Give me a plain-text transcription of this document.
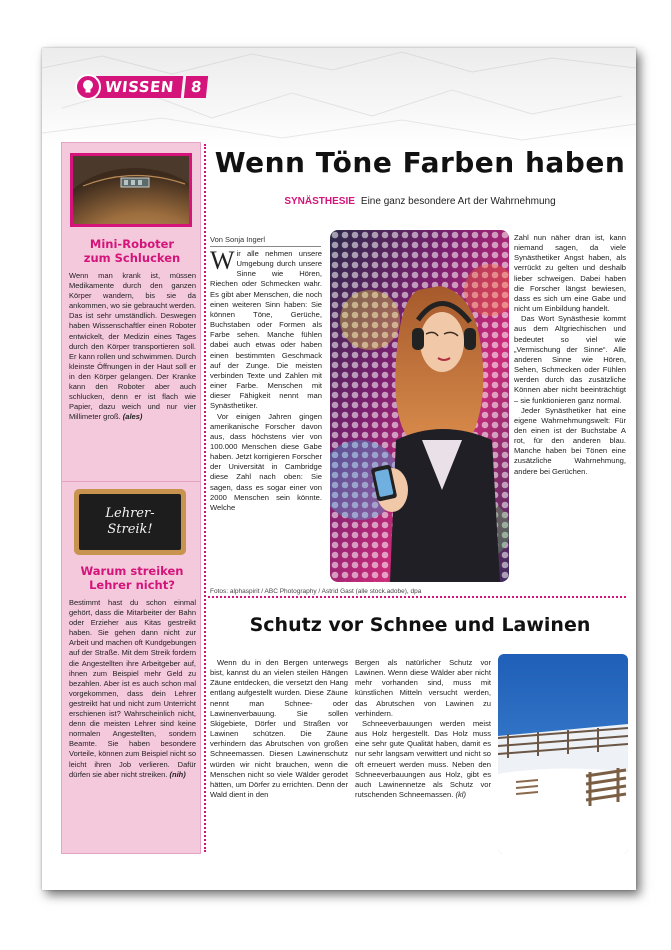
WISSEN	8
Mini-Roboter
zum Schlucken
Wenn man krank ist, müssen Medikamente durch den ganzen Körper wandern, bis sie da ankommen, wo sie gebraucht werden. Das ist sehr umständlich. Deswegen haben Wissenschaftler einen Roboter entwickelt, der Medizin eines Tages durch den Körper transportieren soll. Er kann rollen und schwimmen. Durch kleinste Öffnungen in der Haut soll er in den Körper gelangen. Der Kranke kann den Roboter aber auch schlucken, denn er ist flach wie Papier, dazu weich und nur vier Millimeter groß. (ales)
Lehrer-
Streik!
Warum streiken
Lehrer nicht?
Bestimmt hast du schon einmal gehört, dass die Mitarbeiter der Bahn oder Erzieher aus Kitas gestreikt haben. Sie gehen dann nicht zur Arbeit und machen oft Kundgebungen auf der Straße. Mit dem Streik fordern die Angestellten ihre Arbeitgeber auf, ihnen zum Beispiel mehr Geld zu bezahlen. Aber ist es auch schon mal vorgekommen, dass dein Lehrer gestreikt hat und nicht zum Unterricht erschienen ist? Wahrscheinlich nicht, denn die meisten Lehrer sind keine normalen Angestellten, sondern Beamte. Sie haben besondere Vorteile, können zum Beispiel nicht so leicht ihren Job verlieren. Dafür dürfen sie aber nicht streiken. (nih)
Wenn Töne Farben haben
SYNÄSTHESIE Eine ganz besondere Art der Wahrnehmung
Von Sonja Ingerl

Wir alle nehmen unsere Umgebung durch unsere Sinne wie Hören, Riechen oder Schmecken wahr. Es gibt aber Menschen, die noch einen weiteren Sinn haben: Sie können Töne, Gerüche, Buchstaben oder Formen als Farbe sehen. Manche fühlen dabei auch etwas oder haben einen bestimmten Geschmack auf der Zunge. Die meisten verbinden Texte und Zahlen mit einer Farbe. Menschen mit dieser Fähigkeit nennt man Synästhetiker.

Vor einigen Jahren gingen amerikanische Forscher davon aus, dass höchstens vier von 100.000 Menschen diese Gabe haben. Jetzt korrigieren Forscher der Universität in Cambridge diese Zahl nach oben: Sie sagen, dass es sogar einer von 2000 Menschen sein könnte. Welche

Zahl nun näher dran ist, kann niemand sagen, da viele Synästhetiker Angst haben, als verrückt zu gelten und deshalb lieber schweigen. Dabei haben die Forscher längst bewiesen, dass es sich um eine Gabe und nicht um Einbildung handelt.

Das Wort Synästhesie kommt aus dem Altgriechischen und bedeutet so viel wie „Vermischung der Sinne“. Alle anderen Sinne wie Hören, Sehen, Schmecken oder Fühlen werden durch das zusätzliche Können aber nicht beeinträchtigt – sie funktionieren ganz normal.

Jeder Synästhetiker hat eine eigene Wahrnehmungswelt: Für den einen ist der Buchstabe A rot, für den anderen blau. Manche haben bei Tönen eine zusätzliche Wahrnehmung, andere bei Gerüchen.

Fotos: alphaspirit / ABC Photography / Astrid Gast (alle stock.adobe), dpa
Schutz vor Schnee und Lawinen

Wenn du in den Bergen unterwegs bist, kannst du an vielen steilen Hängen Zäune entdecken, die versetzt den Hang entlang aufgestellt wurden. Diese Zäune nennt man Schnee- oder Lawinenverbauung. Sie sollen Skigebiete, Dörfer und Straßen vor Lawinen schützen. Die Zäune verhindern das Abrutschen von großen Schneemassen. Diesen Lawinenschutz würden wir nicht brauchen, wenn die Menschen nicht so viele Wälder gerodet hätten, um Dörfer zu errichten. Denn der Wald dient in den

Bergen als natürlicher Schutz vor Lawinen. Wenn diese Wälder aber nicht mehr vorhanden sind, muss mit künstlichen Mitteln versucht werden, das Abrutschen von Lawinen zu verhindern.

Schneeverbauungen werden meist aus Holz hergestellt. Das Holz muss eine sehr gute Qualität haben, damit es nur sehr langsam verwittert und nicht so oft erneuert werden muss. Neben den Schneeverbauungen aus Holz, gibt es auch Lawinennetze als Schutz vor rutschenden Schneemassen. (kl)
